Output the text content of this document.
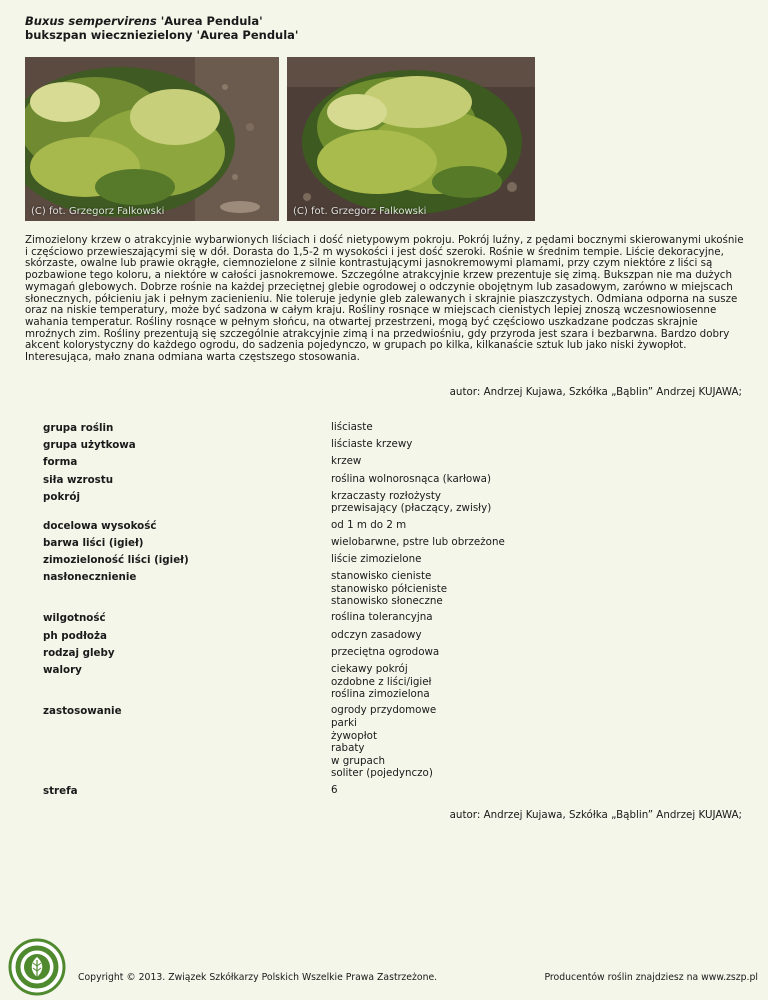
Buxus sempervirens 'Aurea Pendula'
bukszpan wieczniezielony 'Aurea Pendula'
(C) fot. Grzegorz Falkowski	(C) fot. Grzegorz Falkowski
Zimozielony krzew o atrakcyjnie wybarwionych liściach i dość nietypowym pokroju. Pokrój luźny, z pędami bocznymi skierowanymi ukośnie i częściowo przewieszającymi się w dół. Dorasta do 1,5-2 m wysokości i jest dość szeroki. Rośnie w średnim tempie. Liście dekoracyjne, skórzaste, owalne lub prawie okrągłe, ciemnozielone z silnie kontrastującymi jasnokremowymi plamami, przy czym niektóre z liści są pozbawione tego koloru, a niektóre w całości jasnokremowe. Szczególne atrakcyjnie krzew prezentuje się zimą. Bukszpan nie ma dużych wymagań glebowych. Dobrze rośnie na każdej przeciętnej glebie ogrodowej o odczynie obojętnym lub zasadowym, zarówno w miejscach słonecznych, półcieniu jak i pełnym zacienieniu. Nie toleruje jedynie gleb zalewanych i skrajnie piaszczystych. Odmiana odporna na susze oraz na niskie temperatury, może być sadzona w całym kraju. Rośliny rosnące w miejscach cienistych lepiej znoszą wczesnowiosenne wahania temperatur. Rośliny rosnące w pełnym słońcu, na otwartej przestrzeni, mogą być częściowo uszkadzane podczas skrajnie mroźnych zim. Rośliny prezentują się szczególnie atrakcyjnie zimą i na przedwiośniu, gdy przyroda jest szara i bezbarwna. Bardzo dobry akcent kolorystyczny do każdego ogrodu, do sadzenia pojedynczo, w grupach po kilka, kilkanaście sztuk lub jako niski żywopłot. Interesująca, mało znana odmiana warta częstszego stosowania.
autor: Andrzej Kujawa, Szkółka „Bąblin” Andrzej KUJAWA;
grupa roślin	liściaste
grupa użytkowa	liściaste krzewy
forma	krzew
siła wzrostu	roślina wolnorosnąca (karłowa)
pokrój	krzaczasty rozłożysty
przewisający (płaczący, zwisły)
docelowa wysokość	od 1 m do 2 m
barwa liści (igieł)	wielobarwne, pstre lub obrzeżone
zimozieloność liści (igieł)	liście zimozielone
nasłonecznienie	stanowisko cieniste
stanowisko półcieniste
stanowisko słoneczne
wilgotność	roślina tolerancyjna
ph podłoża	odczyn zasadowy
rodzaj gleby	przeciętna ogrodowa
walory	ciekawy pokrój
ozdobne z liści/igieł
roślina zimozielona
zastosowanie	ogrody przydomowe
parki
żywopłot
rabaty
w grupach
soliter (pojedynczo)
strefa	6
autor: Andrzej Kujawa, Szkółka „Bąblin” Andrzej KUJAWA;
Copyright © 2013. Związek Szkółkarzy Polskich Wszelkie Prawa Zastrzeżone.	Producentów roślin znajdziesz na www.zszp.pl
